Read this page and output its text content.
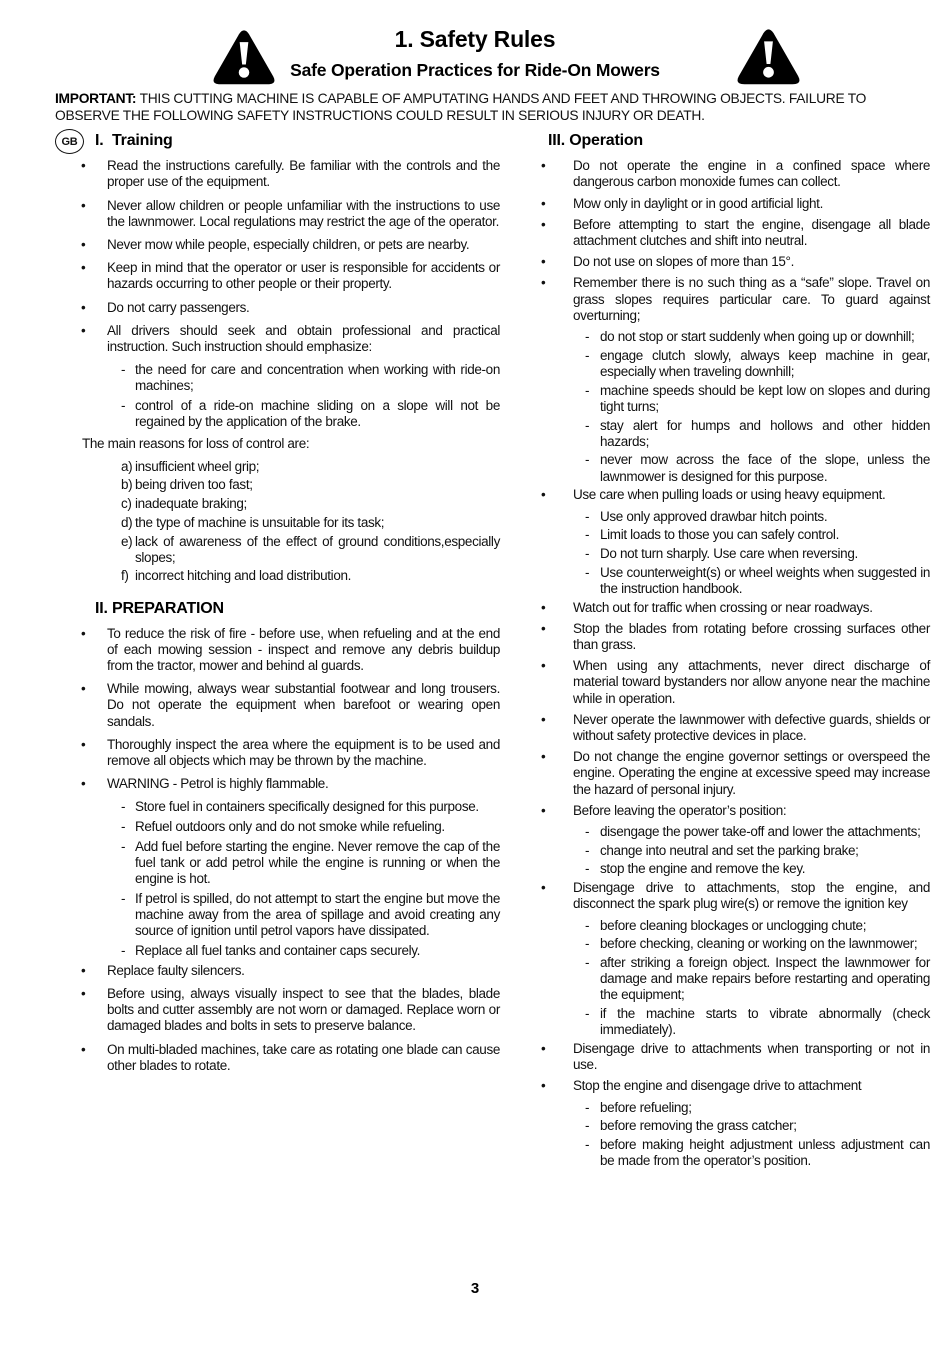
1. Safety Rules
Safe Operation Practices for Ride-On Mowers

IMPORTANT: THIS CUTTING MACHINE IS CAPABLE OF AMPUTATING HANDS AND FEET AND THROWING OBJECTS. FAILURE TO OBSERVE THE FOLLOWING SAFETY INSTRUCTIONS COULD RESULT IN SERIOUS INJURY OR DEATH.

GB	I.  Training
• Read the instructions carefully. Be familiar with the controls and the proper use of the equipment.
• Never allow children or people unfamiliar with the instructions to use the lawnmower. Local regulations may restrict the age of the operator.
• Never mow while people, especially children, or pets are nearby.
• Keep in mind that the operator or user is responsible for accidents or hazards occurring to other people or their property.
• Do not carry passengers.
• All drivers should seek and obtain professional and practical instruction. Such instruction should emphasize:
- the need for care and concentration when working with ride-on machines;
- control of a ride-on machine sliding on a slope will not be regained by the application of the brake.
The main reasons for loss of control are:
a) insufficient wheel grip;
b) being driven too fast;
c) inadequate braking;
d) the type of machine is unsuitable for its task;
e) lack of awareness of the effect of ground conditions,especially slopes;
f) incorrect hitching and load distribution.
II. PREPARATION
• To reduce the risk of fire - before use, when refueling and at the end of each mowing session - inspect and remove any debris buildup from the tractor, mower and behind al guards.
• While mowing, always wear substantial footwear and long trousers. Do not operate the equipment when barefoot or wearing open sandals.
• Thoroughly inspect the area where the equipment is to be used and remove all objects which may be thrown by the machine.
• WARNING - Petrol is highly flammable.
- Store fuel in containers specifically designed for this purpose.
- Refuel outdoors only and do not smoke while refueling.
- Add fuel before starting the engine. Never remove the cap of the fuel tank or add petrol while the engine is running or when the engine is hot.
- If petrol is spilled, do not attempt to start the engine but move the machine away from the area of spillage and avoid creating any source of ignition until petrol vapors have dissipated.
- Replace all fuel tanks and container caps securely.
• Replace faulty silencers.
• Before using, always visually inspect to see that the blades, blade bolts and cutter assembly are not worn or damaged. Replace worn or damaged blades and bolts in sets to preserve balance.
• On multi-bladed machines, take care as rotating one blade can cause other blades to rotate.
III. Operation
• Do not operate the engine in a confined space where dangerous carbon monoxide fumes can collect.
• Mow only in daylight or in good artificial light.
• Before attempting to start the engine, disengage all blade attachment clutches and shift into neutral.
• Do not use on slopes of more than 15°.
• Remember there is no such thing as a “safe” slope. Travel on grass slopes requires particular care. To guard against overturning;
- do not stop or start suddenly when going up or downhill;
- engage clutch slowly, always keep machine in gear, especially when traveling downhill;
- machine speeds should be kept low on slopes and during tight turns;
- stay alert for humps and hollows and other hidden hazards;
- never mow across the face of the slope, unless the lawnmower is designed for this purpose.
• Use care when pulling loads or using heavy equipment.
- Use only approved drawbar hitch points.
- Limit loads to those you can safely control.
- Do not turn sharply. Use care when reversing.
- Use counterweight(s) or wheel weights when suggested in the instruction handbook.
• Watch out for traffic when crossing or near roadways.
• Stop the blades from rotating before crossing surfaces other than grass.
• When using any attachments, never direct discharge of material toward bystanders nor allow anyone near the machine while in operation.
• Never operate the lawnmower with defective guards, shields or without safety protective devices in place.
• Do not change the engine governor settings or overspeed the engine. Operating the engine at excessive speed may increase the hazard of personal injury.
• Before leaving the operator’s position:
- disengage the power take-off and lower the attachments;
- change into neutral and set the parking brake;
- stop the engine and remove the key.
• Disengage drive to attachments, stop the engine, and disconnect the spark plug wire(s) or remove the ignition key
- before cleaning blockages or unclogging chute;
- before checking, cleaning or working on the lawnmower;
- after striking a foreign object. Inspect the lawnmower for damage and make repairs before restarting and operating the equipment;
- if the machine starts to vibrate abnormally (check immediately).
• Disengage drive to attachments when transporting or not in use.
• Stop the engine and disengage drive to attachment
- before refueling;
- before removing the grass catcher;
- before making height adjustment unless adjustment can be made from the operator’s position.
3
